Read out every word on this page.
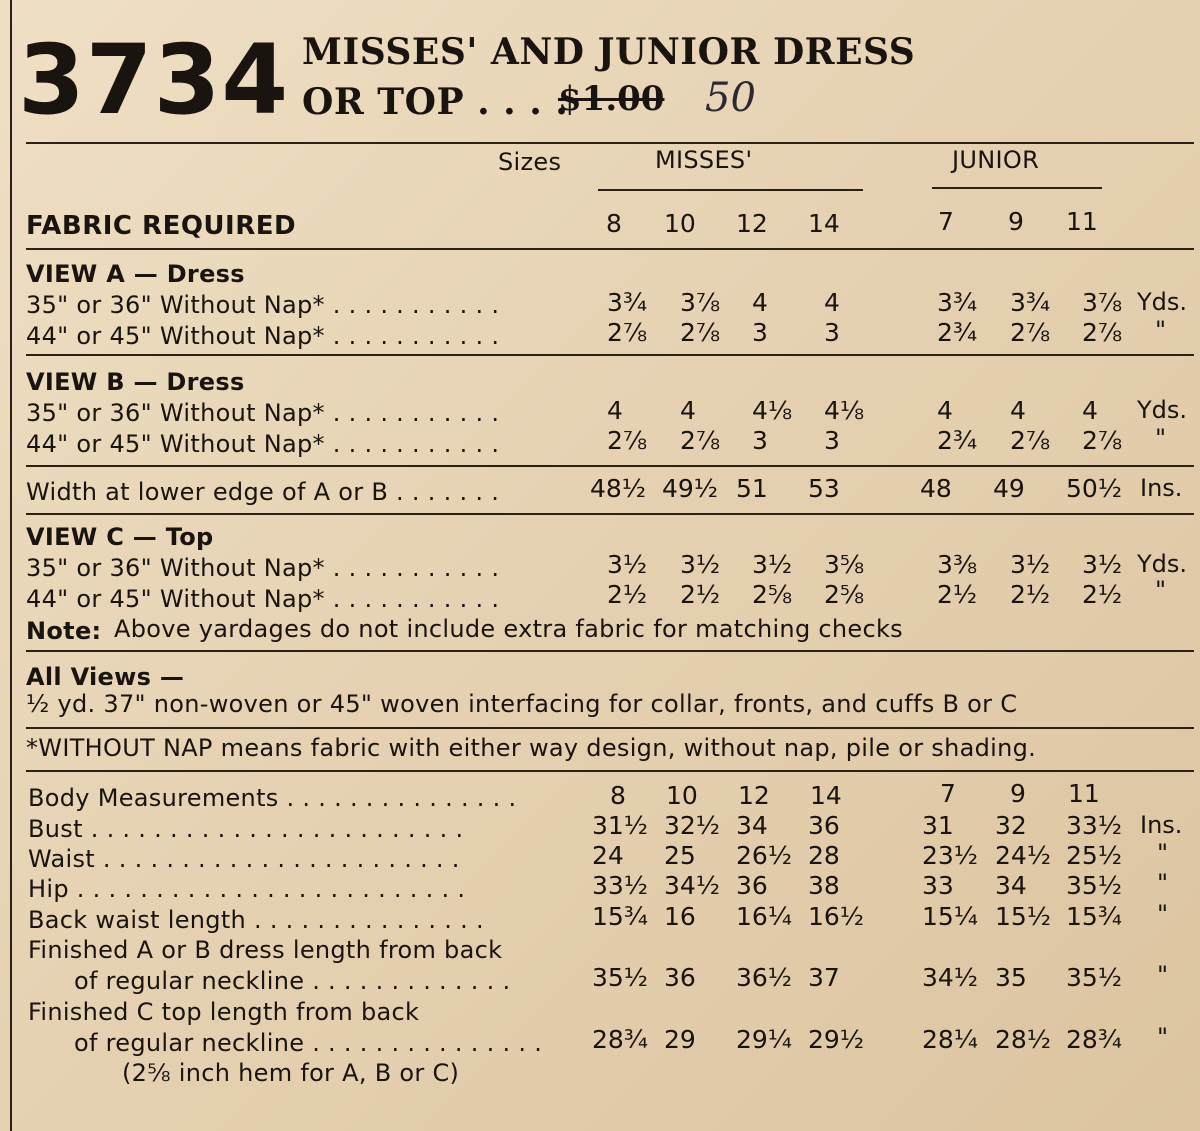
3734 MISSES' AND JUNIOR DRESS
OR TOP . . . .
$1.00 50
Sizes	MISSES'	JUNIOR
FABRIC REQUIRED	8 10 12 14	7 9 11
VIEW A — Dress
35" or 36" Without Nap* . . . . . . . . . . .	3¾ 3⅞ 4 4	3¾ 3¾ 3⅞ Yds.
44" or 45" Without Nap* . . . . . . . . . . .	2⅞ 2⅞ 3 3	2¾ 2⅞ 2⅞ "
VIEW B — Dress
35" or 36" Without Nap* . . . . . . . . . . .	4 4 4⅛ 4⅛	4 4 4 Yds.
44" or 45" Without Nap* . . . . . . . . . . .	2⅞ 2⅞ 3 3	2¾ 2⅞ 2⅞ "
Width at lower edge of A or B . . . . . . .	48½ 49½ 51 53	48 49 50½ Ins.
VIEW C — Top
35" or 36" Without Nap* . . . . . . . . . . .	3½ 3½ 3½ 3⅝	3⅜ 3½ 3½ Yds.
44" or 45" Without Nap* . . . . . . . . . . .	2½ 2½ 2⅝ 2⅝	2½ 2½ 2½ "
Note: Above yardages do not include extra fabric for matching checks
All Views —
½ yd. 37" non-woven or 45" woven interfacing for collar, fronts, and cuffs B or C
*WITHOUT NAP means fabric with either way design, without nap, pile or shading.
Body Measurements . . . . . . . . . . . . . . .	8 10 12 14	7 9 11
Bust . . . . . . . . . . . . . . . . . . . . . . . .	31½ 32½ 34 36	31 32 33½ Ins.
Waist . . . . . . . . . . . . . . . . . . . . . . .	24 25 26½ 28	23½ 24½ 25½ "
Hip . . . . . . . . . . . . . . . . . . . . . . . . .	33½ 34½ 36 38	33 34 35½ "
Back waist length . . . . . . . . . . . . . . .	15¾ 16 16¼ 16½ 15¼ 15½ 15¾ "
Finished A or B dress length from back
of regular neckline . . . . . . . . . . . . .	35½ 36 36½ 37	34½ 35 35½ "
Finished C top length from back
of regular neckline . . . . . . . . . . . . . . . 28¾ 29 29¼ 29½ 28¼ 28½ 28¾ "
(2⅝ inch hem for A, B or C)
